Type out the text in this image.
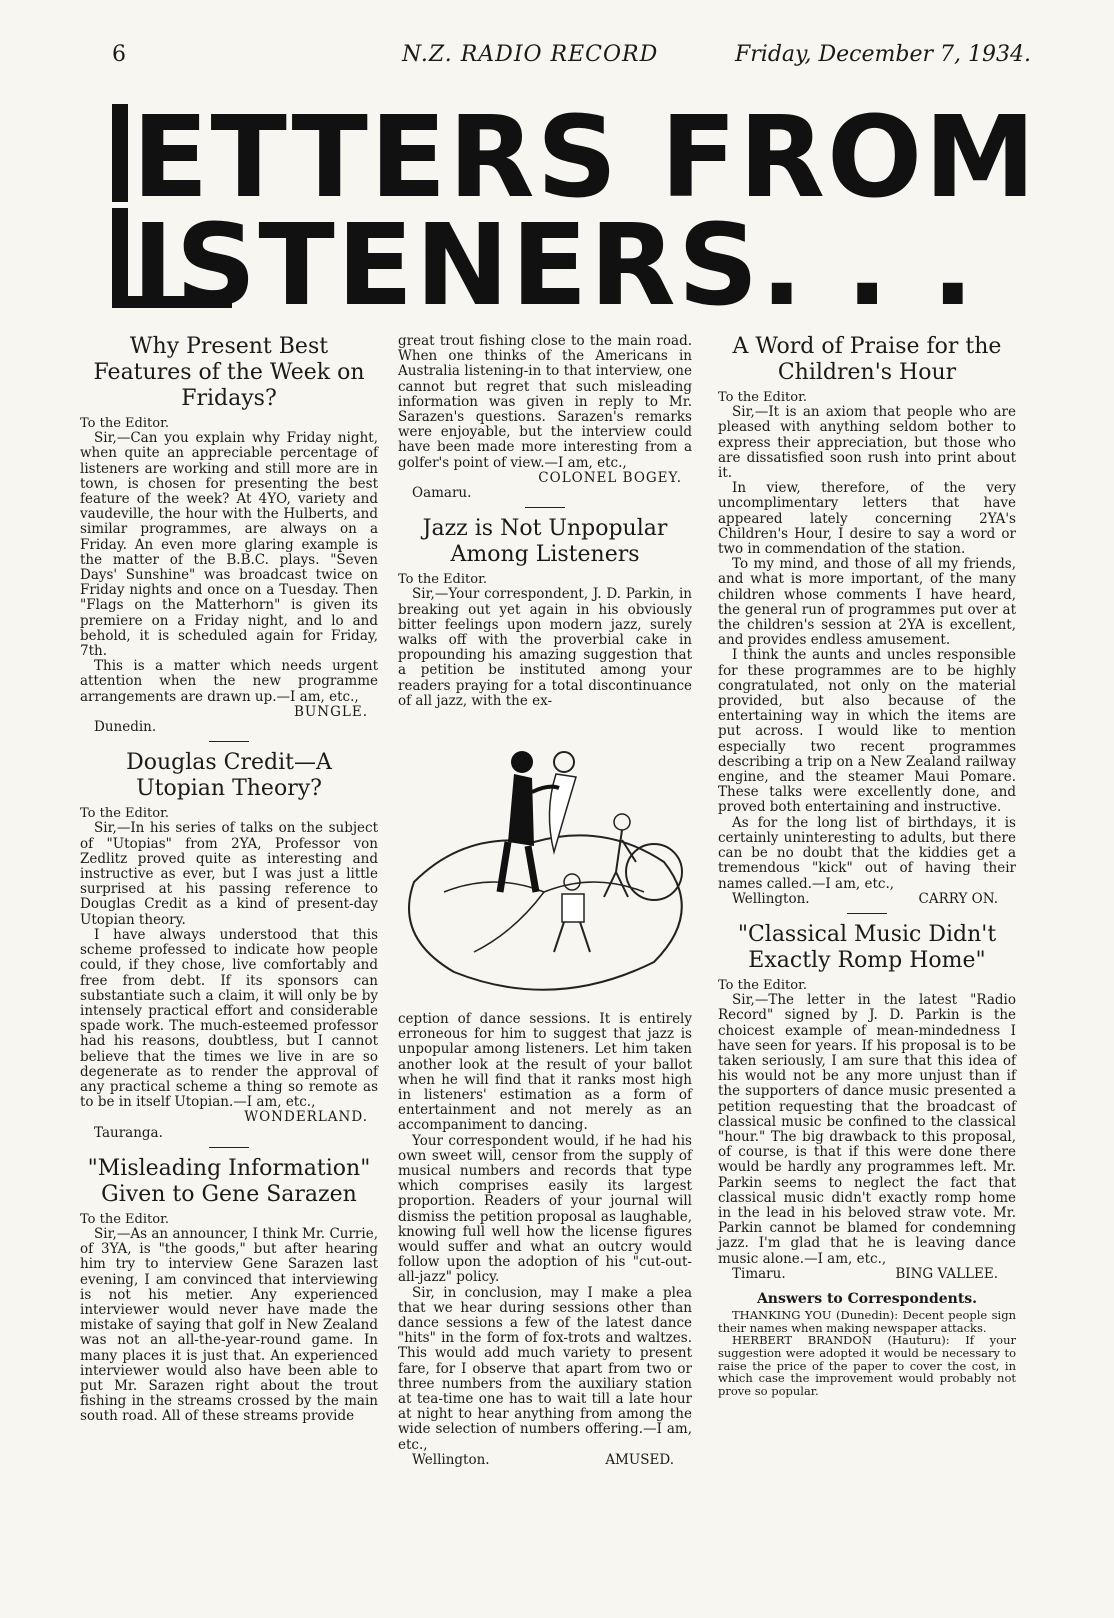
6	N.Z. RADIO RECORD	Friday, December 7, 1934.
ETTERS FROM
ISTENERS. . .
Why Present Best Features of the Week on Fridays?

To the Editor.

Sir,—Can you explain why Friday night, when quite an appreciable percentage of listeners are working and still more are in town, is chosen for presenting the best feature of the week? At 4YO, variety and vaudeville, the hour with the Hulberts, and similar programmes, are always on a Friday. An even more glaring example is the matter of the B.B.C. plays. "Seven Days' Sunshine" was broadcast twice on Friday nights and once on a Tuesday. Then "Flags on the Matterhorn" is given its premiere on a Friday night, and lo and behold, it is scheduled again for Friday, 7th.

This is a matter which needs urgent attention when the new programme arrangements are drawn up.—I am, etc.,

BUNGLE.

Dunedin.

Douglas Credit—A Utopian Theory?

To the Editor.

Sir,—In his series of talks on the subject of "Utopias" from 2YA, Professor von Zedlitz proved quite as interesting and instructive as ever, but I was just a little surprised at his passing reference to Douglas Credit as a kind of present-day Utopian theory.

I have always understood that this scheme professed to indicate how people could, if they chose, live comfortably and free from debt. If its sponsors can substantiate such a claim, it will only be by intensely practical effort and considerable spade work. The much-esteemed professor had his reasons, doubtless, but I cannot believe that the times we live in are so degenerate as to render the approval of any practical scheme a thing so remote as to be in itself Utopian.—I am, etc.,

WONDERLAND.

Tauranga.

"Misleading Information" Given to Gene Sarazen

To the Editor.

Sir,—As an announcer, I think Mr. Currie, of 3YA, is "the goods," but after hearing him try to interview Gene Sarazen last evening, I am convinced that interviewing is not his metier. Any experienced interviewer would never have made the mistake of saying that golf in New Zealand was not an all-the-year-round game. In many places it is just that. An experienced interviewer would also have been able to put Mr. Sarazen right about the trout fishing in the streams crossed by the main south road. All of these streams provide

great trout fishing close to the main road. When one thinks of the Americans in Australia listening-in to that interview, one cannot but regret that such misleading information was given in reply to Mr. Sarazen's questions. Sarazen's remarks were enjoyable, but the interview could have been made more interesting from a golfer's point of view.—I am, etc.,

COLONEL BOGEY.

Oamaru.

Jazz is Not Unpopular Among Listeners

To the Editor.

Sir,—Your correspondent, J. D. Parkin, in breaking out yet again in his obviously bitter feelings upon modern jazz, surely walks off with the proverbial cake in propounding his amazing suggestion that a petition be instituted among your readers praying for a total discontinuance of all jazz, with the ex-

ception of dance sessions. It is entirely erroneous for him to suggest that jazz is unpopular among listeners. Let him taken another look at the result of your ballot when he will find that it ranks most high in listeners' estimation as a form of entertainment and not merely as an accompaniment to dancing.

Your correspondent would, if he had his own sweet will, censor from the supply of musical numbers and records that type which comprises easily its largest proportion. Readers of your journal will dismiss the petition proposal as laughable, knowing full well how the license figures would suffer and what an outcry would follow upon the adoption of his "cut-out-all-jazz" policy.

Sir, in conclusion, may I make a plea that we hear during sessions other than dance sessions a few of the latest dance "hits" in the form of fox-trots and waltzes. This would add much variety to present fare, for I observe that apart from two or three numbers from the auxiliary station at tea-time one has to wait till a late hour at night to hear anything from among the wide selection of numbers offering.—I am, etc.,

Wellington.	AMUSED.

A Word of Praise for the Children's Hour

To the Editor.

Sir,—It is an axiom that people who are pleased with anything seldom bother to express their appreciation, but those who are dissatisfied soon rush into print about it.

In view, therefore, of the very uncomplimentary letters that have appeared lately concerning 2YA's Children's Hour, I desire to say a word or two in commendation of the station.

To my mind, and those of all my friends, and what is more important, of the many children whose comments I have heard, the general run of programmes put over at the children's session at 2YA is excellent, and provides endless amusement.

I think the aunts and uncles responsible for these programmes are to be highly congratulated, not only on the material provided, but also because of the entertaining way in which the items are put across. I would like to mention especially two recent programmes describing a trip on a New Zealand railway engine, and the steamer Maui Pomare. These talks were excellently done, and proved both entertaining and instructive.

As for the long list of birthdays, it is certainly uninteresting to adults, but there can be no doubt that the kiddies get a tremendous "kick" out of having their names called.—I am, etc.,

Wellington.	CARRY ON.

"Classical Music Didn't Exactly Romp Home"

To the Editor.

Sir,—The letter in the latest "Radio Record" signed by J. D. Parkin is the choicest example of mean-mindedness I have seen for years. If his proposal is to be taken seriously, I am sure that this idea of his would not be any more unjust than if the supporters of dance music presented a petition requesting that the broadcast of classical music be confined to the classical "hour." The big drawback to this proposal, of course, is that if this were done there would be hardly any programmes left. Mr. Parkin seems to neglect the fact that classical music didn't exactly romp home in the lead in his beloved straw vote. Mr. Parkin cannot be blamed for condemning jazz. I'm glad that he is leaving dance music alone.—I am, etc.,

Timaru.	BING VALLEE.

Answers to Correspondents.

THANKING YOU (Dunedin): Decent people sign their names when making newspaper attacks.

HERBERT BRANDON (Hauturu): If your suggestion were adopted it would be necessary to raise the price of the paper to cover the cost, in which case the improvement would probably not prove so popular.
